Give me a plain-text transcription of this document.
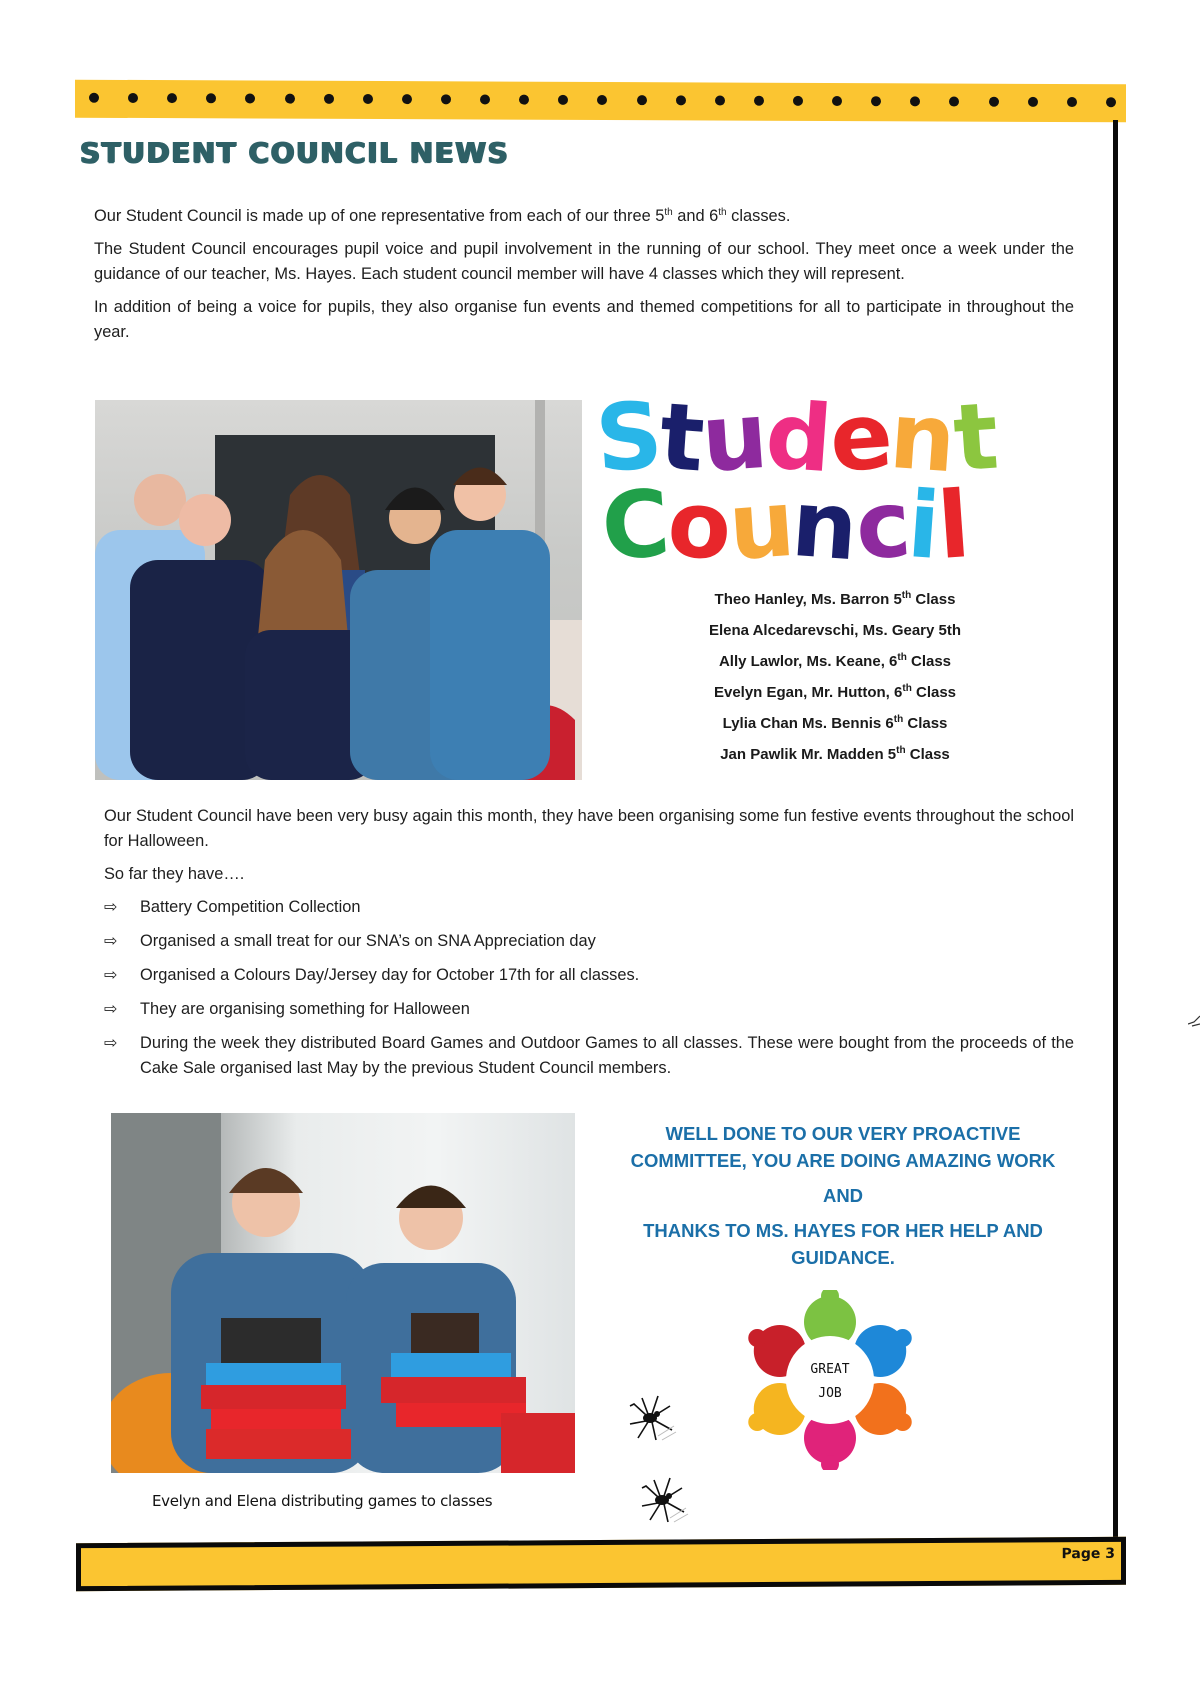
STUDENT COUNCIL NEWS

Our Student Council is made up of one representative from each of our three 5th and 6th classes.

The Student Council encourages pupil voice and pupil involvement in the running of our school. They meet once a week under the guidance of our teacher, Ms. Hayes. Each student council member will have 4 classes which they will represent.

In addition of being a voice for pupils, they also organise fun events and themed competitions for all to participate in throughout the year.

Student
Council
Theo Hanley, Ms. Barron 5th Class
Elena Alcedarevschi, Ms. Geary 5th
Ally Lawlor, Ms. Keane, 6th Class
Evelyn Egan, Mr. Hutton, 6th Class
Lylia Chan Ms. Bennis 6th Class
Jan Pawlik Mr. Madden 5th Class

Our Student Council have been very busy again this month, they have been organising some fun festive events throughout the school for Halloween.

So far they have….

⇨ Battery Competition Collection
⇨ Organised a small treat for our SNA’s on SNA Appreciation day
⇨ Organised a Colours Day/Jersey day for October 17th for all classes.
⇨ They are organising something for Halloween
⇨ During the week they distributed Board Games and Outdoor Games to all classes. These were bought from the proceeds of the Cake Sale organised last May by the previous Student Council members.
Evelyn and Elena distributing games to classes

WELL DONE TO OUR VERY PROACTIVE COMMITTEE, YOU ARE DOING AMAZING WORK

AND

THANKS TO MS. HAYES FOR HER HELP AND GUIDANCE.

GREAT
JOB
Page 3
